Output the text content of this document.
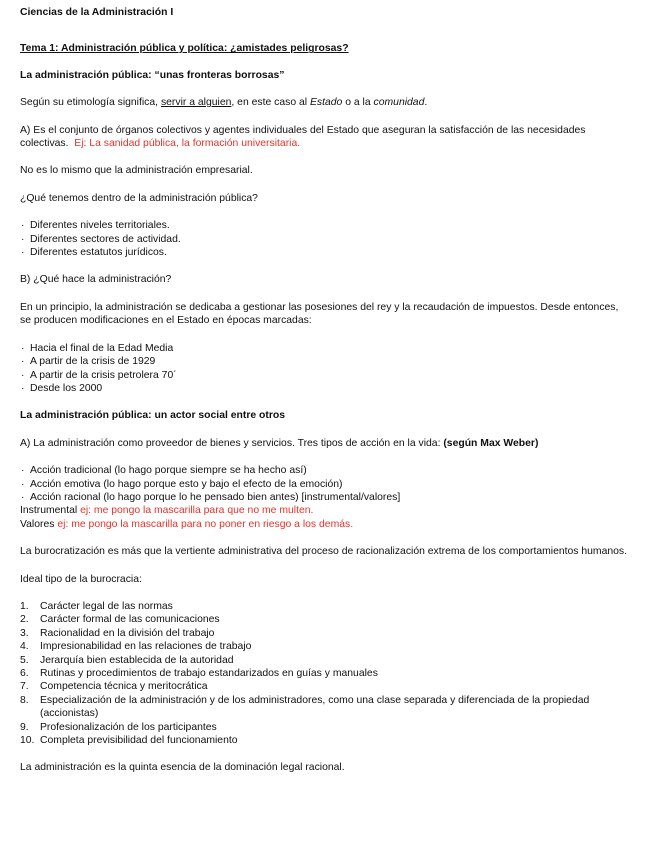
Ciencias de la Administración I

Tema 1: Administración pública y política: ¿amistades peligrosas?

La administración pública: “unas fronteras borrosas”

Según su etimología significa, servir a alguien, en este caso al Estado o a la comunidad.

A) Es el conjunto de órganos colectivos y agentes individuales del Estado que aseguran la satisfacción de las necesidades colectivas. Ej: La sanidad pública, la formación universitaria.

No es lo mismo que la administración empresarial.

¿Qué tenemos dentro de la administración pública?

· Diferentes niveles territoriales.
· Diferentes sectores de actividad.
· Diferentes estatutos jurídicos.

B) ¿Qué hace la administración?

En un principio, la administración se dedicaba a gestionar las posesiones del rey y la recaudación de impuestos. Desde entonces, se producen modificaciones en el Estado en épocas marcadas:

· Hacia el final de la Edad Media
· A partir de la crisis de 1929
· A partir de la crisis petrolera 70´
· Desde los 2000

La administración pública: un actor social entre otros

A) La administración como proveedor de bienes y servicios. Tres tipos de acción en la vida: (según Max Weber)

· Acción tradicional (lo hago porque siempre se ha hecho así)
· Acción emotiva (lo hago porque esto y bajo el efecto de la emoción)
· Acción racional (lo hago porque lo he pensado bien antes) [instrumental/valores]

Instrumental ej: me pongo la mascarilla para que no me multen.

Valores ej: me pongo la mascarilla para no poner en riesgo a los demás.

La burocratización es más que la vertiente administrativa del proceso de racionalización extrema de los comportamientos humanos.

Ideal tipo de la burocracia:

1. Carácter legal de las normas
2. Carácter formal de las comunicaciones
3. Racionalidad en la división del trabajo
4. Impresionabilidad en las relaciones de trabajo
5. Jerarquía bien establecida de la autoridad
6. Rutinas y procedimientos de trabajo estandarizados en guías y manuales
7. Competencia técnica y meritocrática
8. Especialización de la administración y de los administradores, como una clase separada y diferenciada de la propiedad (accionistas)
9. Profesionalización de los participantes
10. Completa previsibilidad del funcionamiento

La administración es la quinta esencia de la dominación legal racional.
